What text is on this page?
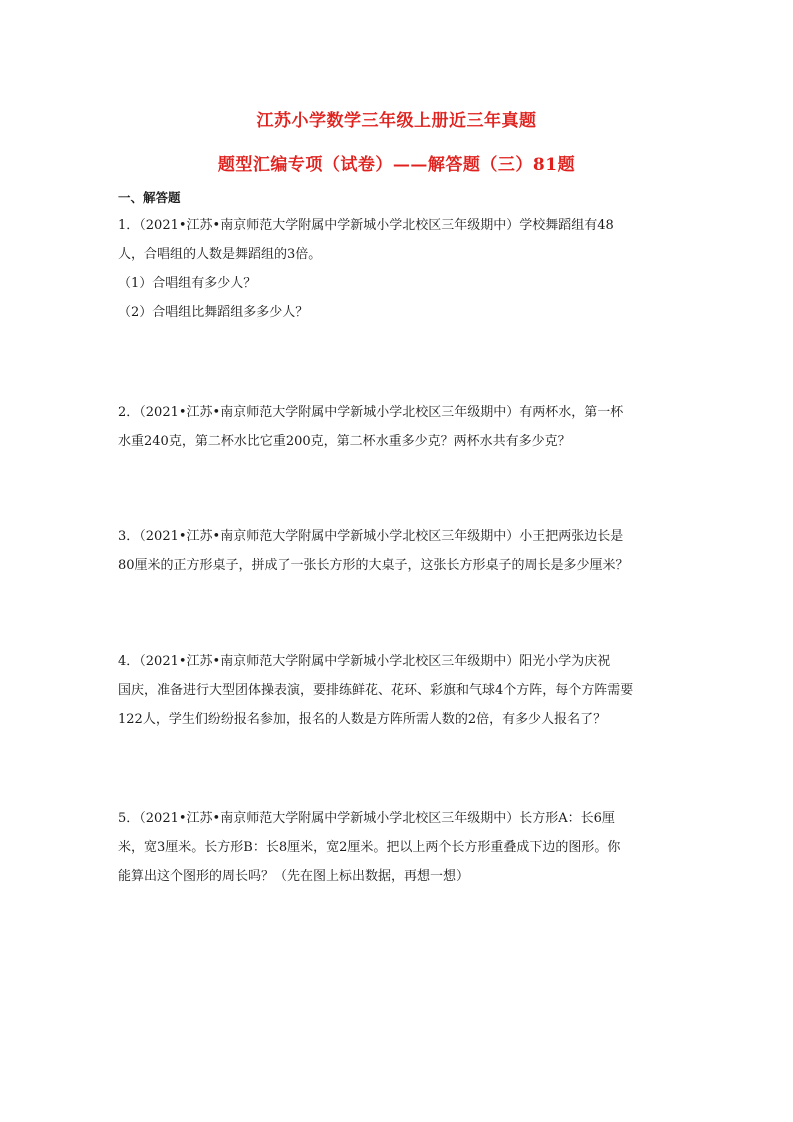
江苏小学数学三年级上册近三年真题
题型汇编专项（试卷）——解答题（三）81题
一、解答题

1．（2021•江苏•南京师范大学附属中学新城小学北校区三年级期中）学校舞蹈组有48

人，合唱组的人数是舞蹈组的3倍。

（1）合唱组有多少人？

（2）合唱组比舞蹈组多多少人？

2．（2021•江苏•南京师范大学附属中学新城小学北校区三年级期中）有两杯水，第一杯

水重240克，第二杯水比它重200克，第二杯水重多少克？两杯水共有多少克？

3．（2021•江苏•南京师范大学附属中学新城小学北校区三年级期中）小王把两张边长是

80厘米的正方形桌子，拼成了一张长方形的大桌子，这张长方形桌子的周长是多少厘米？

4．（2021•江苏•南京师范大学附属中学新城小学北校区三年级期中）阳光小学为庆祝

国庆，准备进行大型团体操表演，要排练鲜花、花环、彩旗和气球4个方阵，每个方阵需要

122人，学生们纷纷报名参加，报名的人数是方阵所需人数的2倍，有多少人报名了？

5．（2021•江苏•南京师范大学附属中学新城小学北校区三年级期中）长方形A：长6厘

米，宽3厘米。长方形B：长8厘米，宽2厘米。把以上两个长方形重叠成下边的图形。你

能算出这个图形的周长吗？（先在图上标出数据，再想一想）
